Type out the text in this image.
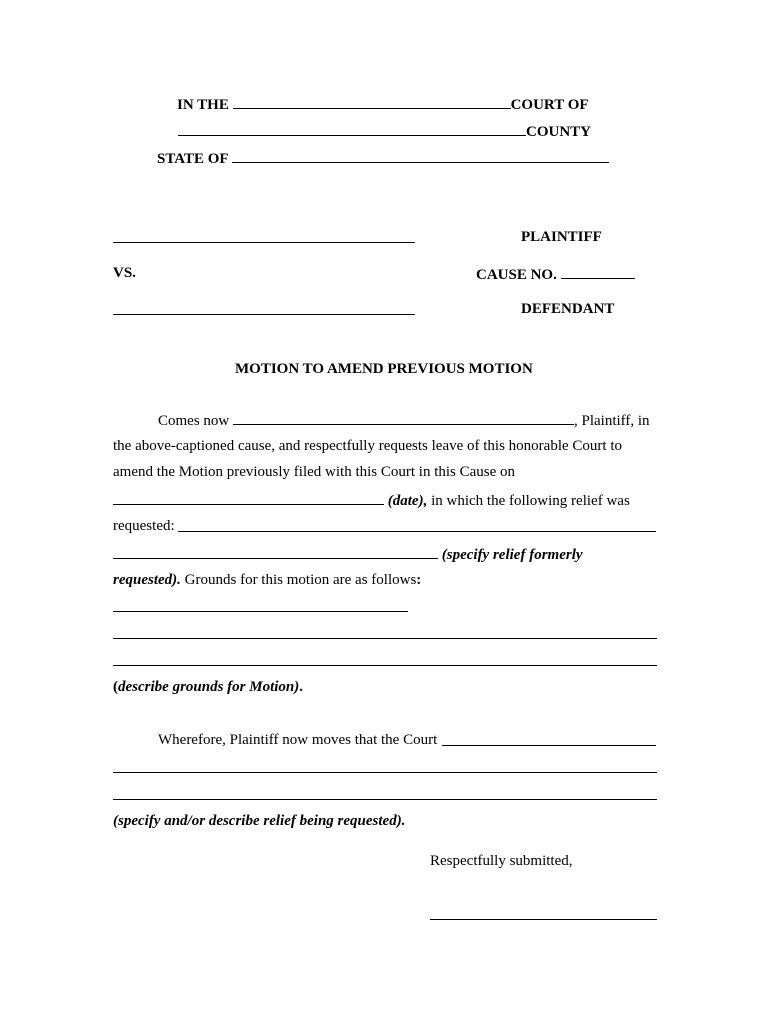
IN THE	COURT OF
COUNTY
STATE OF
PLAINTIFF
VS.	CAUSE NO.
DEFENDANT
MOTION TO AMEND PREVIOUS MOTION
Comes now	, Plaintiff, in
the above-captioned cause, and respectfully requests leave of this honorable Court to
amend the Motion previously filed with this Court in this Cause on
(date), in which the following relief was
requested:
(specify relief formerly
requested). Grounds for this motion are as follows:
(describe grounds for Motion).
Wherefore, Plaintiff now moves that the Court
(specify and/or describe relief being requested).
Respectfully submitted,
